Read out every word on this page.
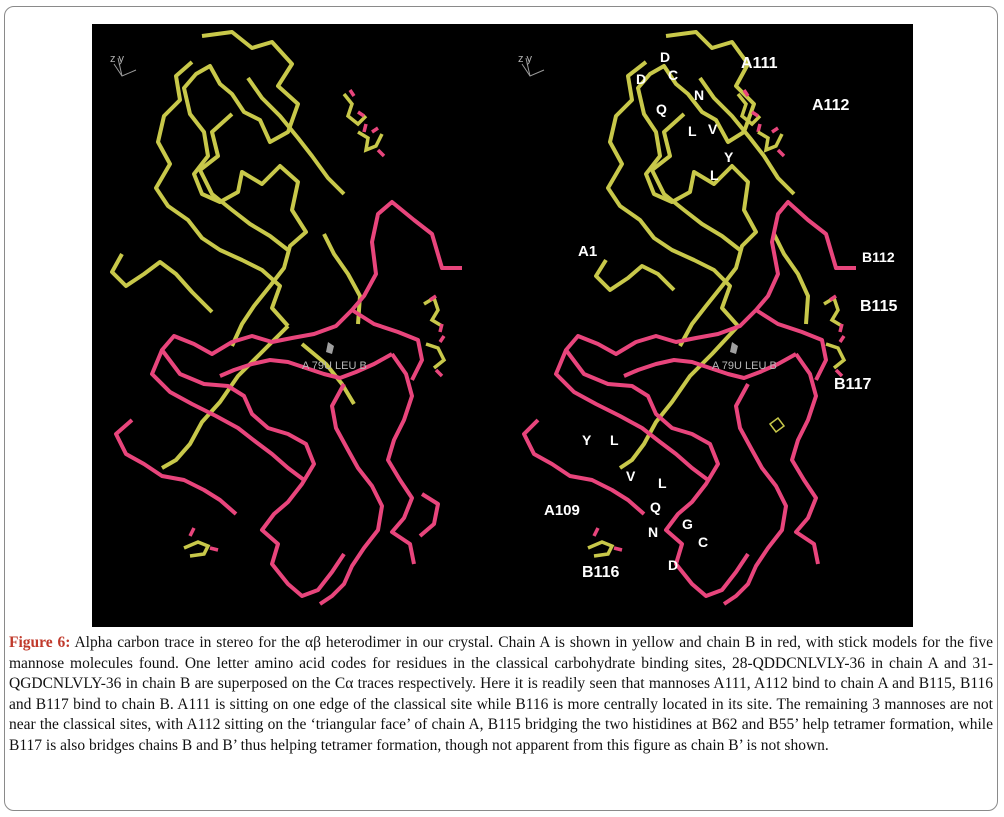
z y
A 79U LEU B
z y
A 79U LEU B
A111
A112
A1	B112
B115
B117
A109
B116
D
C
D
Q
N
L V
Y
L
Y L
V L
Q
G
N
C
D

Figure 6: Alpha carbon trace in stereo for the αβ heterodimer in our crystal. Chain A is shown in yellow and chain B in red, with stick models for the five mannose molecules found. One letter amino acid codes for residues in the classical carbohydrate binding sites, 28-QDDCNLVLY-36 in chain A and 31-QGDCNLVLY-36 in chain B are superposed on the Cα traces respectively. Here it is readily seen that mannoses A111, A112 bind to chain A and B115, B116 and B117 bind to chain B. A111 is sitting on one edge of the classical site while B116 is more centrally located in its site. The remaining 3 mannoses are not near the classical sites, with A112 sitting on the ‘triangular face’ of chain A, B115 bridging the two histidines at B62 and B55’ help tetramer formation, while B117 is also bridges chains B and B’ thus helping tetramer formation, though not apparent from this figure as chain B’ is not shown.
